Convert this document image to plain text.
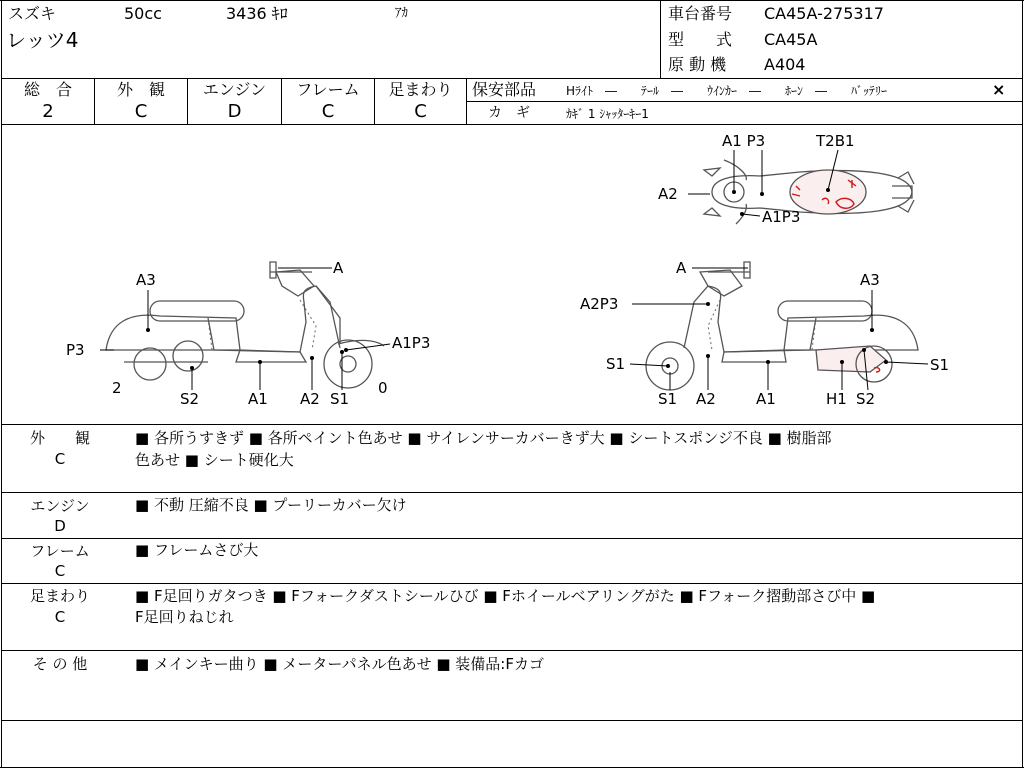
スズキ	50cc	3436 ｷﾛ	ｱｶ
レッツ4
車台番号 CA45A-275317
型　　式 CA45A
原 動 機 A404
総　合
2
外　観
C
エンジン
D
フレーム
C
足まわり
C
保安部品 Hﾗｲﾄ　―　　ﾃｰﾙ　―　　ｳｲﾝｶｰ　―　　ﾎｰﾝ　―　　ﾊﾞｯﾃﾘｰ	×
カ　ギ	ｶｷﾞ 1 ｼｬｯﾀｰｷｰ1
A1 P3	T2B1
A2
A1P3
A3
A
P3	A1P3
2	0
S2	A1 A2 S1
A
A3
A2P3
S1	S1
S1 A2	A1	H1 S2
外　　観
C
■ 各所うすきず ■ 各所ペイント色あせ ■ サイレンサーカバーきず大 ■ シートスポンジ不良 ■ 樹脂部
色あせ ■ シート硬化大
エンジン
D
■ 不動 圧縮不良 ■ プーリーカバー欠け
フレーム
C
■ フレームさび大
足まわり
C
■ F足回りガタつき ■ Fフォークダストシールひび ■ Fホイールベアリングがた ■ Fフォーク摺動部さび中 ■
F足回りねじれ
そ の 他	■ メインキー曲り ■ メーターパネル色あせ ■ 装備品:Fカゴ
